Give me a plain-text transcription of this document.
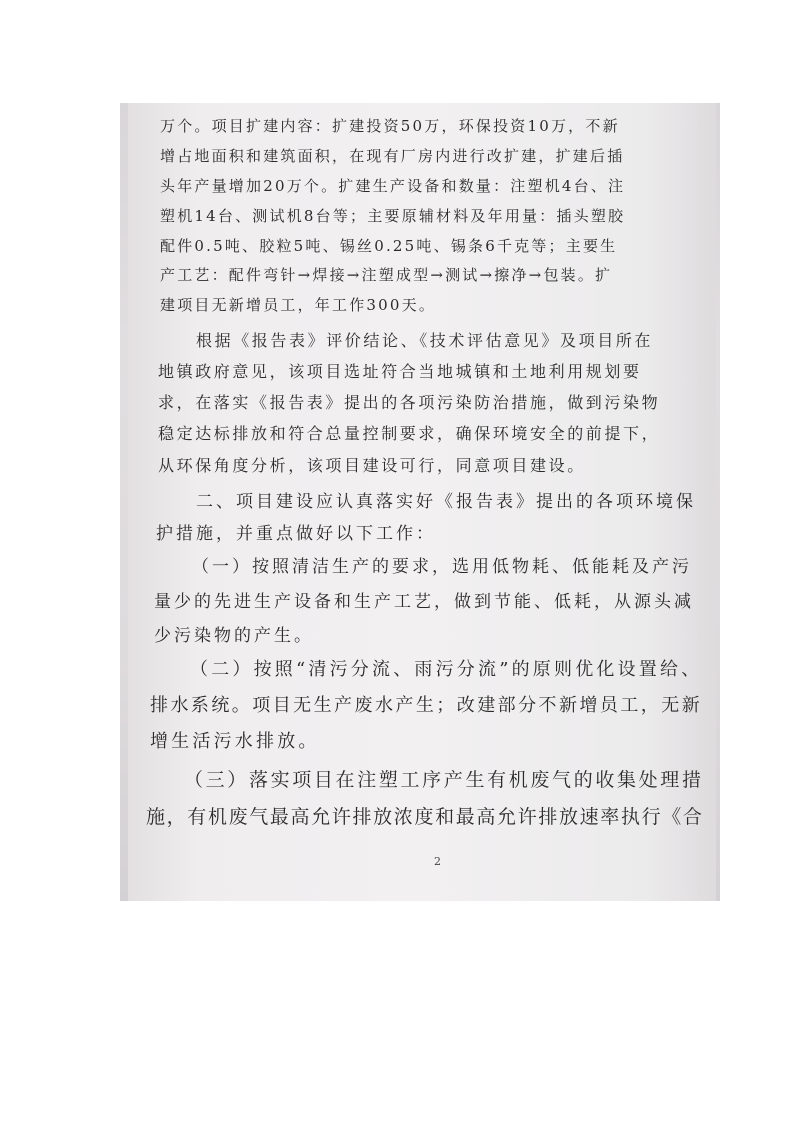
万个。项目扩建内容：扩建投资50万，环保投资10万，不新
增占地面积和建筑面积，在现有厂房内进行改扩建，扩建后插
头年产量增加20万个。扩建生产设备和数量：注塑机4台、注
塑机14台、测试机8台等；主要原辅材料及年用量：插头塑胶
配件0.5吨、胶粒5吨、锡丝0.25吨、锡条6千克等；主要生
产工艺：配件弯针→焊接→注塑成型→测试→擦净→包装。扩
建项目无新增员工，年工作300天。
根据《报告表》评价结论、《技术评估意见》及项目所在
地镇政府意见，该项目选址符合当地城镇和土地利用规划要
求，在落实《报告表》提出的各项污染防治措施，做到污染物
稳定达标排放和符合总量控制要求，确保环境安全的前提下，
从环保角度分析，该项目建设可行，同意项目建设。
二、项目建设应认真落实好《报告表》提出的各项环境保
护措施，并重点做好以下工作：
（一）按照清洁生产的要求，选用低物耗、低能耗及产污
量少的先进生产设备和生产工艺，做到节能、低耗，从源头减
少污染物的产生。
（二）按照“清污分流、雨污分流”的原则优化设置给、
排水系统。项目无生产废水产生；改建部分不新增员工，无新
增生活污水排放。
（三）落实项目在注塑工序产生有机废气的收集处理措
施，有机废气最高允许排放浓度和最高允许排放速率执行《合
2
